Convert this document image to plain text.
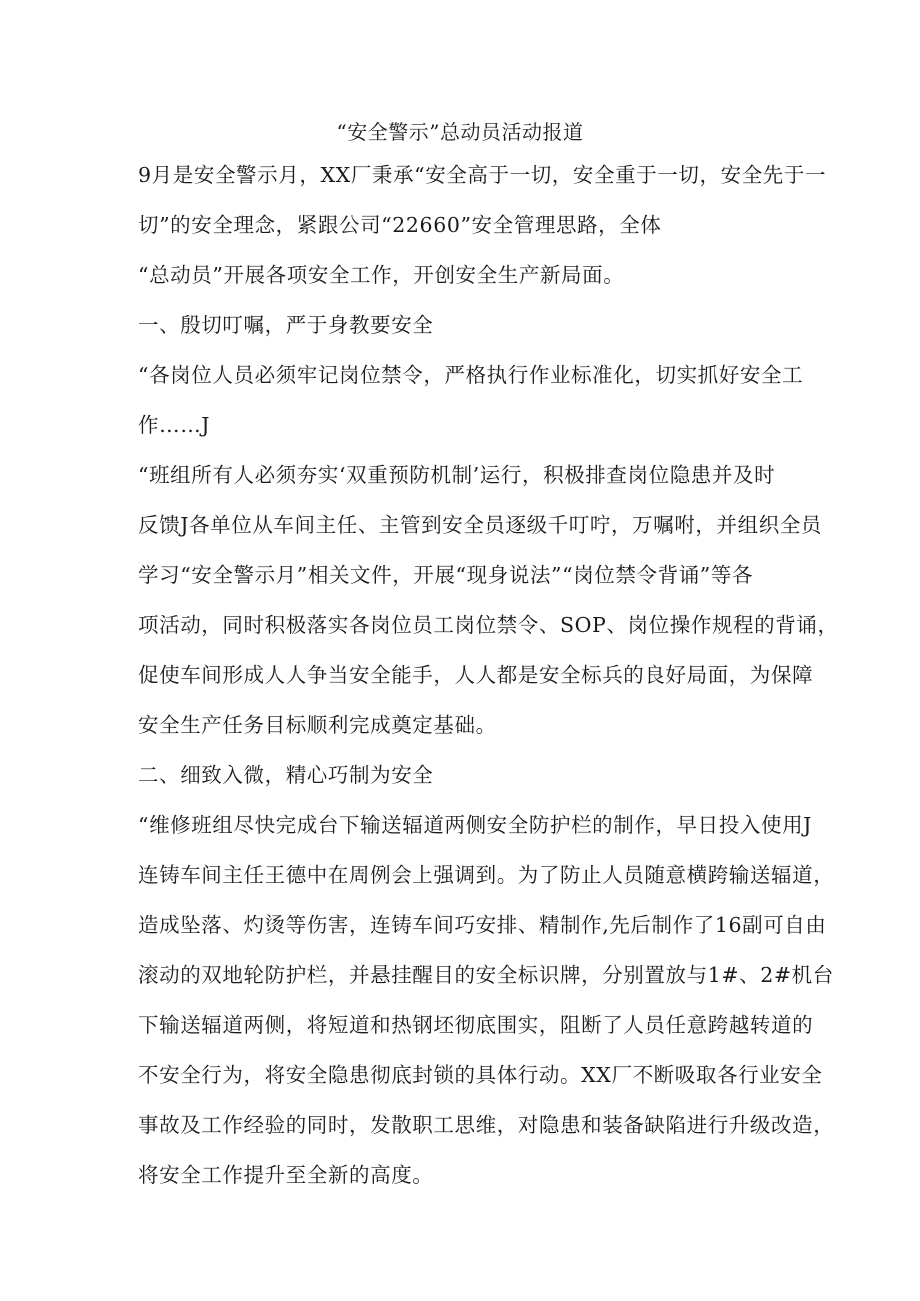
“安全警示”总动员活动报道
9月是安全警示月，XX厂秉承“安全高于一切，安全重于一切，安全先于一
切”的安全理念，紧跟公司“22660”安全管理思路，全体
“总动员”开展各项安全工作，开创安全生产新局面。
一、殷切叮嘱，严于身教要安全
“各岗位人员必须牢记岗位禁令，严格执行作业标准化，切实抓好安全工
作……J
“班组所有人必须夯实‘双重预防机制’运行，积极排查岗位隐患并及时
反馈J各单位从车间主任、主管到安全员逐级千叮咛，万嘱咐，并组织全员
学习“安全警示月”相关文件，开展“现身说法”“岗位禁令背诵”等各
项活动，同时积极落实各岗位员工岗位禁令、SOP、岗位操作规程的背诵，
促使车间形成人人争当安全能手，人人都是安全标兵的良好局面，为保障
安全生产任务目标顺利完成奠定基础。
二、细致入微，精心巧制为安全
“维修班组尽快完成台下输送辐道两侧安全防护栏的制作，早日投入使用J
连铸车间主任王德中在周例会上强调到。为了防止人员随意横跨输送辐道，
造成坠落、灼烫等伤害，连铸车间巧安排、精制作,先后制作了16副可自由
滚动的双地轮防护栏，并悬挂醒目的安全标识牌，分别置放与1#、2#机台
下输送辐道两侧，将短道和热钢坯彻底围实，阻断了人员任意跨越转道的
不安全行为，将安全隐患彻底封锁的具体行动。XX厂不断吸取各行业安全
事故及工作经验的同时，发散职工思维，对隐患和装备缺陷进行升级改造，
将安全工作提升至全新的高度。
